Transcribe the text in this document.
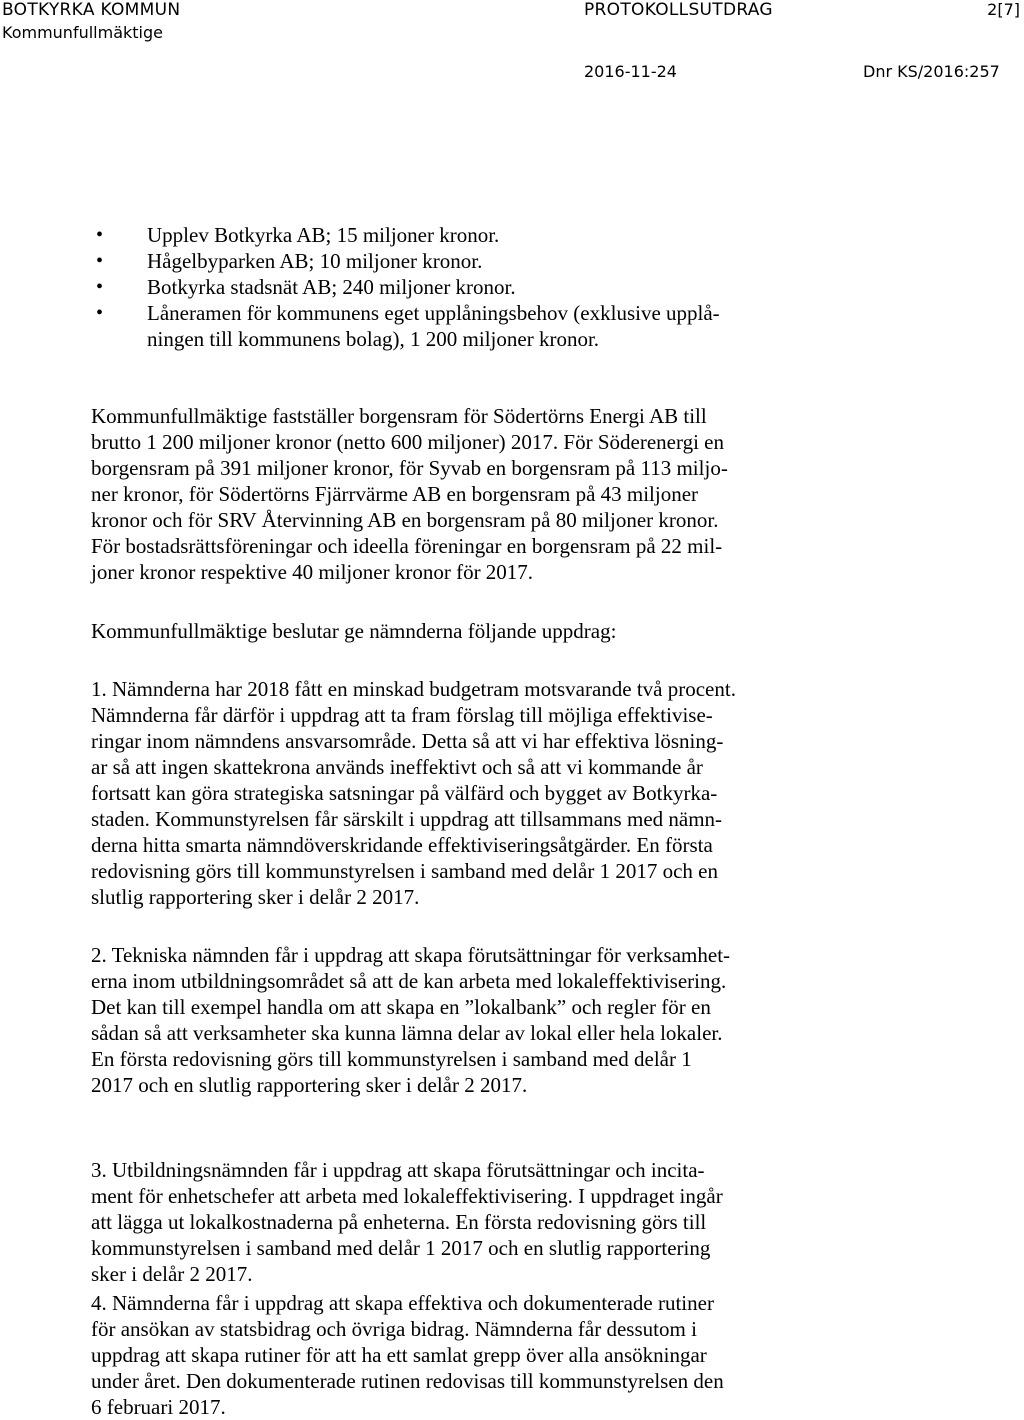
BOTKYRKA KOMMUN
Kommunfullmäktige
PROTOKOLLSUTDRAG	2[7]
2016-11-24	Dnr KS/2016:257
• Upplev Botkyrka AB; 15 miljoner kronor.
• Hågelbyparken AB; 10 miljoner kronor.
• Botkyrka stadsnät AB; 240 miljoner kronor.
• Låneramen för kommunens eget upplåningsbehov (exklusive upplå-
ningen till kommunens bolag), 1 200 miljoner kronor.
Kommunfullmäktige fastställer borgensram för Södertörns Energi AB till
brutto 1 200 miljoner kronor (netto 600 miljoner) 2017. För Söderenergi en
borgensram på 391 miljoner kronor, för Syvab en borgensram på 113 miljo-
ner kronor, för Södertörns Fjärrvärme AB en borgensram på 43 miljoner
kronor och för SRV Återvinning AB en borgensram på 80 miljoner kronor.
För bostadsrättsföreningar och ideella föreningar en borgensram på 22 mil-
joner kronor respektive 40 miljoner kronor för 2017.
Kommunfullmäktige beslutar ge nämnderna följande uppdrag:
1. Nämnderna har 2018 fått en minskad budgetram motsvarande två procent.
Nämnderna får därför i uppdrag att ta fram förslag till möjliga effektivise-
ringar inom nämndens ansvarsområde. Detta så att vi har effektiva lösning-
ar så att ingen skattekrona används ineffektivt och så att vi kommande år
fortsatt kan göra strategiska satsningar på välfärd och bygget av Botkyrka-
staden. Kommunstyrelsen får särskilt i uppdrag att tillsammans med nämn-
derna hitta smarta nämndöverskridande effektiviseringsåtgärder. En första
redovisning görs till kommunstyrelsen i samband med delår 1 2017 och en
slutlig rapportering sker i delår 2 2017.
2. Tekniska nämnden får i uppdrag att skapa förutsättningar för verksamhet-
erna inom utbildningsområdet så att de kan arbeta med lokaleffektivisering.
Det kan till exempel handla om att skapa en ”lokalbank” och regler för en
sådan så att verksamheter ska kunna lämna delar av lokal eller hela lokaler.
En första redovisning görs till kommunstyrelsen i samband med delår 1
2017 och en slutlig rapportering sker i delår 2 2017.
3. Utbildningsnämnden får i uppdrag att skapa förutsättningar och incita-
ment för enhetschefer att arbeta med lokaleffektivisering. I uppdraget ingår
att lägga ut lokalkostnaderna på enheterna. En första redovisning görs till
kommunstyrelsen i samband med delår 1 2017 och en slutlig rapportering
sker i delår 2 2017.
4. Nämnderna får i uppdrag att skapa effektiva och dokumenterade rutiner
för ansökan av statsbidrag och övriga bidrag. Nämnderna får dessutom i
uppdrag att skapa rutiner för att ha ett samlat grepp över alla ansökningar
under året. Den dokumenterade rutinen redovisas till kommunstyrelsen den
6 februari 2017.
